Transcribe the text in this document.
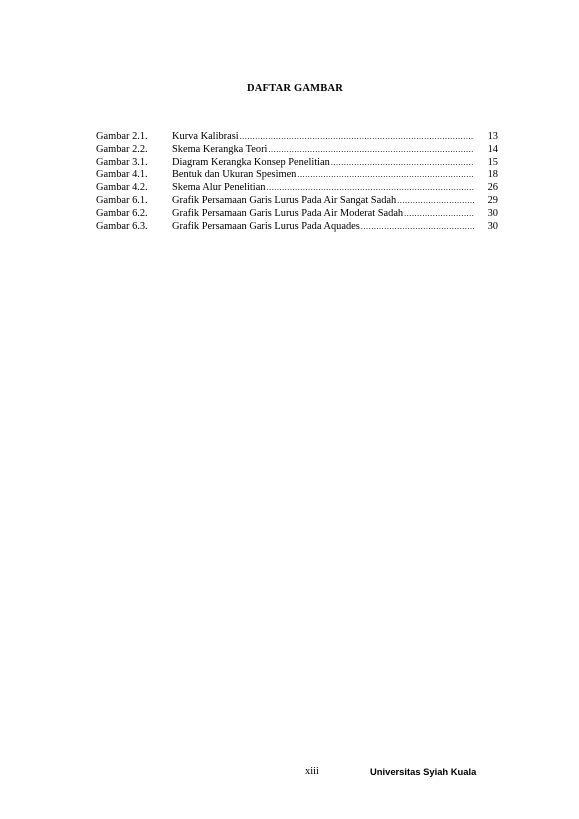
DAFTAR GAMBAR
Gambar 2.1.	Kurva Kalibrasi .....	13
Gambar 2.2.	Skema Kerangka Teori .....	14
Gambar 3.1.	Diagram Kerangka Konsep Penelitian .....	15
Gambar 4.1.	Bentuk dan Ukuran Spesimen .....	18
Gambar 4.2.	Skema Alur Penelitian .....	26
Gambar 6.1.	Grafik Persamaan Garis Lurus Pada Air Sangat Sadah .....	29
Gambar 6.2.	Grafik Persamaan Garis Lurus Pada Air Moderat Sadah .....	30
Gambar 6.3.	Grafik Persamaan Garis Lurus Pada Aquades .....	30
xiii	Universitas Syiah Kuala
